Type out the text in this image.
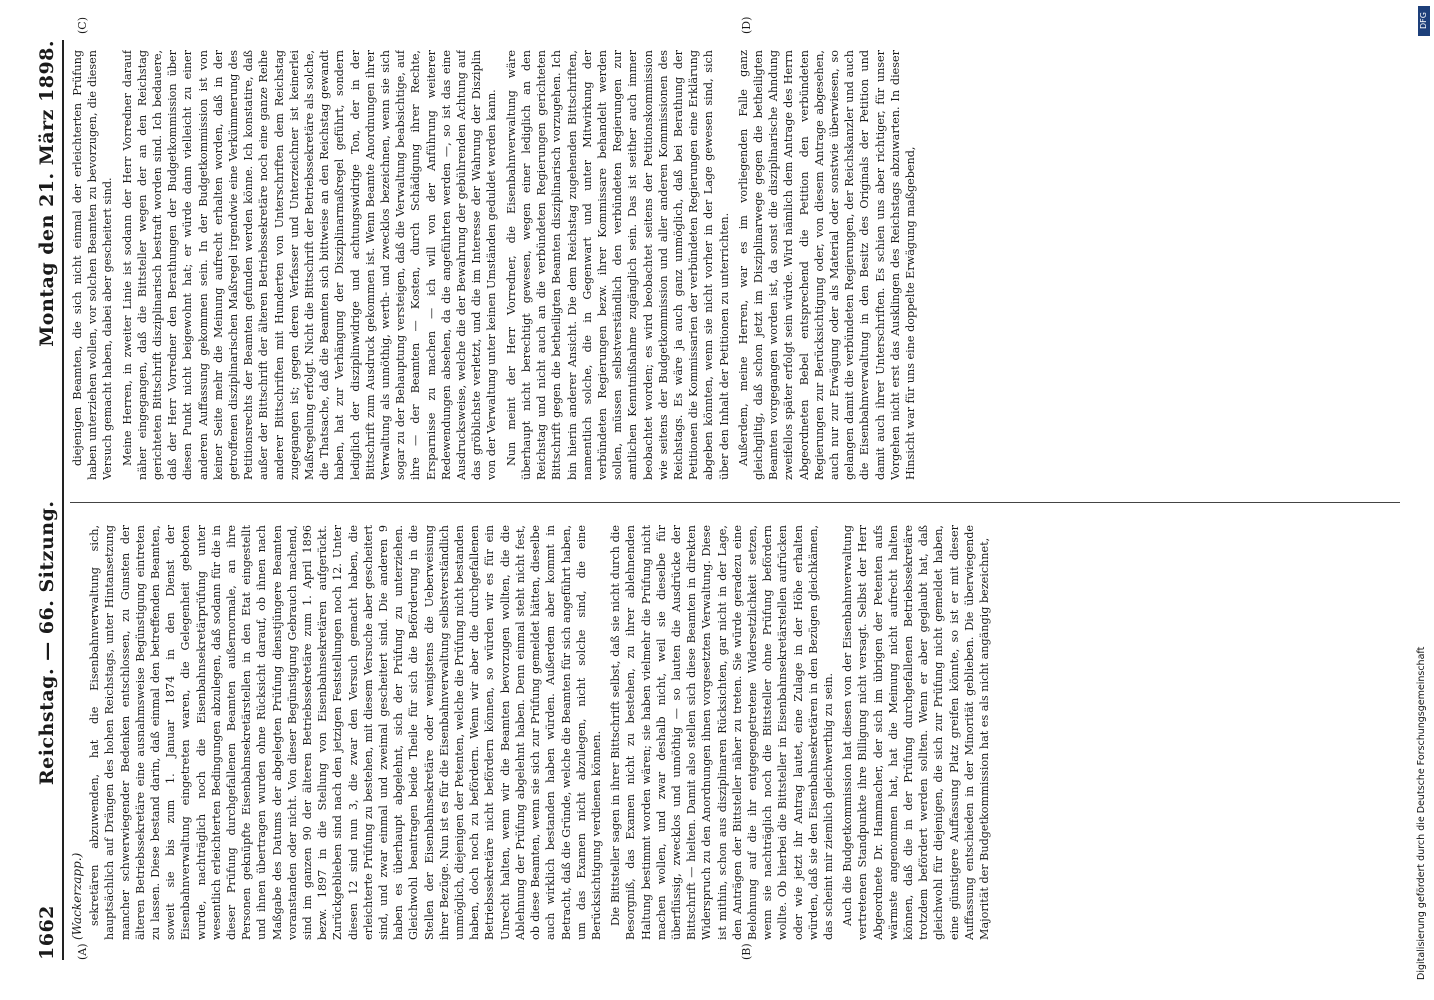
1662
Reichstag. — 66. Sitzung.
Montag den 21. März 1898.
(A)	(B)
(C)	(D)
(Wackerzapp.) sekretären abzuwenden, hat die Eisenbahnverwaltung sich, hauptsächlich auf Drängen des hohen Reichstags, unter Hintansetzung mancher schwerwiegender Bedenken entschlossen, zu Gunsten der älteren Betriebssekretäre eine ausnahmsweise Begünstigung eintreten zu lassen. Diese bestand darin, daß einmal den betreffenden Beamten, soweit sie bis zum 1. Januar 1874 in den Dienst der Eisenbahnverwaltung eingetreten waren, die Gelegenheit geboten wurde, nachträglich noch die Eisenbahnsekretärprüfung unter wesentlich erleichterten Bedingungen abzulegen, daß sodann für die in dieser Prüfung durchgefallenen Beamten außernormale, an ihre Personen geknüpfte Eisenbahnsekretärstellen in den Etat eingestellt und ihnen übertragen wurden ohne Rücksicht darauf, ob ihnen nach Maßgabe des Datums der abgelegten Prüfung dienstjüngere Beamten voranstanden oder nicht. Von dieser Begünstigung Gebrauch machend, sind im ganzen 90 der älteren Betriebssekretäre zum 1. April 1896 bezw. 1897 in die Stellung von Eisenbahnsekretären aufgerückt. Zurückgeblieben sind nach den jetzigen Feststellungen noch 12. Unter diesen 12 sind nun 3, die zwar den Versuch gemacht haben, die erleichterte Prüfung zu bestehen, mit diesem Versuche aber gescheitert sind, und zwar einmal und zweimal gescheitert sind. Die anderen 9 haben es überhaupt abgelehnt, sich der Prüfung zu unterziehen. Gleichwohl beantragen beide Theile für sich die Beförderung in die Stellen der Eisenbahnsekretäre oder wenigstens die Ueberweisung ihrer Bezüge. Nun ist es für die Eisenbahnverwaltung selbstverständlich unmöglich, diejenigen der Petenten, welche die Prüfung nicht bestanden haben, doch noch zu befördern. Wenn wir aber die durchgefallenen Betriebssekretäre nicht befördern können, so würden wir es für ein Unrecht halten, wenn wir die Beamten bevorzugen wollten, die die Ablehnung der Prüfung abgelehnt haben. Denn einmal steht nicht fest, ob diese Beamten, wenn sie sich zur Prüfung gemeldet hätten, dieselbe auch wirklich bestanden haben würden. Außerdem aber kommt in Betracht, daß die Gründe, welche die Beamten für sich angeführt haben, um das Examen nicht abzulegen, nicht solche sind, die eine Berücksichtigung verdienen können. Die Bittsteller sagen in ihrer Bittschrift selbst, daß sie nicht durch die Besorgniß, das Examen nicht zu bestehen, zu ihrer ablehnenden Haltung bestimmt worden wären; sie haben vielmehr die Prüfung nicht machen wollen, und zwar deshalb nicht, weil sie dieselbe für überflüssig, zwecklos und unnöthig — so lauten die Ausdrücke der Bittschrift — hielten. Damit also stellen sich diese Beamten in direkten Widerspruch zu den Anordnungen ihnen vorgesetzten Verwaltung. Diese ist mithin, schon aus disziplinaren Rücksichten, gar nicht in der Lage, den Anträgen der Bittsteller näher zu treten. Sie würde geradezu eine Belohnung auf die ihr entgegengetretene Widersetzlichkeit setzen, wenn sie nachträglich noch die Bittsteller ohne Prüfung befördern wollte. Ob hierbei die Bittsteller in Eisenbahnsekretärstellen aufrücken oder wie jetzt ihr Antrag lautet, eine Zulage in der Höhe erhalten würden, daß sie den Eisenbahnsekretären in den Bezügen gleichkämen, das scheint mir ziemlich gleichwerthig zu sein. Auch die Budgetkommission hat diesen von der Eisenbahnverwaltung vertretenen Standpunkte ihre Billigung nicht versagt. Selbst der Herr Abgeordnete Dr. Hammacher, der sich im übrigen der Petenten aufs wärmste angenommen hat, hat die Meinung nicht aufrecht halten können, daß die in der Prüfung durchgefallenen Betriebssekretäre trotzdem befördert werden sollten. Wenn er aber geglaubt hat, daß gleichwohl für diejenigen, die sich zur Prüfung nicht gemeldet haben, eine günstigere Auffassung Platz greifen könnte, so ist er mit dieser Auffassung entschieden in der Minorität geblieben. Die überwiegende Majorität der Budgetkommission hat es als nicht angängig bezeichnet,

diejenigen Beamten, die sich nicht einmal der erleichterten Prüfung haben unterziehen wollen, vor solchen Beamten zu bevorzugen, die diesen Versuch gemacht haben, dabei aber gescheitert sind. Meine Herren, in zweiter Linie ist sodann der Herr Vorredner darauf näher eingegangen, daß die Bittsteller wegen der an den Reichstag gerichteten Bittschrift disziplinarisch bestraft worden sind. Ich bedauere, daß der Herr Vorredner den Berathungen der Budgetkommission über diesen Punkt nicht beigewohnt hat; er würde dann vielleicht zu einer anderen Auffassung gekommen sein. In der Budgetkommission ist von keiner Seite mehr die Meinung aufrecht erhalten worden, daß in der getroffenen disziplinarischen Maßregel irgendwie eine Verkümmerung des Petitionsrechts der Beamten gefunden werden könne. Ich konstatire, daß außer der Bittschrift der älteren Betriebssekretäre noch eine ganze Reihe anderer Bittschriften mit Hunderten von Unterschriften dem Reichstag zugegangen ist; gegen deren Verfasser und Unterzeichner ist keinerlei Maßregelung erfolgt. Nicht die Bittschrift der Betriebssekretäre als solche, die Thatsache, daß die Beamten sich bittweise an den Reichstag gewandt haben, hat zur Verhängung der Disziplinarmaßregel geführt, sondern lediglich der disziplinwidrige und achtungswidrige Ton, der in der Bittschrift zum Ausdruck gekommen ist. Wenn Beamte Anordnungen ihrer Verwaltung als unnöthig, werth- und zwecklos bezeichnen, wenn sie sich sogar zu der Behauptung versteigen, daß die Verwaltung beabsichtige, auf ihre — der Beamten — Kosten, durch Schädigung ihrer Rechte, Ersparnisse zu machen — ich will von der Anführung weiterer Redewendungen absehen, da die angeführten werden —, so ist das eine Ausdrucksweise, welche die der Bewahrung der gebührenden Achtung auf das gröblichste verletzt, und die im Interesse der Wahrung der Disziplin von der Verwaltung unter keinen Umständen geduldet werden kann. Nun meint der Herr Vorredner, die Eisenbahnverwaltung wäre überhaupt nicht berechtigt gewesen, wegen einer lediglich an den Reichstag und nicht auch an die verbündeten Regierungen gerichteten Bittschrift gegen die betheiligten Beamten disziplinarisch vorzugehen. Ich bin hierin anderer Ansicht. Die dem Reichstag zugehenden Bittschriften, namentlich solche, die in Gegenwart und unter Mitwirkung der verbündeten Regierungen bezw. ihrer Kommissare behandelt werden sollen, müssen selbstverständlich den verbündeten Regierungen zur amtlichen Kenntnißnahme zugänglich sein. Das ist seither auch immer beobachtet worden; es wird beobachtet seitens der Petitionskommission wie seitens der Budgetkommission und aller anderen Kommissionen des Reichstags. Es wäre ja auch ganz unmöglich, daß bei Berathung der Petitionen die Kommissarien der verbündeten Regierungen eine Erklärung abgeben könnten, wenn sie nicht vorher in der Lage gewesen sind, sich über den Inhalt der Petitionen zu unterrichten. Außerdem, meine Herren, war es im vorliegenden Falle ganz gleichgiltig, daß schon jetzt im Disziplinarwege gegen die betheiligten Beamten vorgegangen worden ist, da sonst die disziplinarische Ahndung zweifellos später erfolgt sein würde. Wird nämlich dem Antrage des Herrn Abgeordneten Bebel entsprechend die Petition den verbündeten Regierungen zur Berücksichtigung oder, von diesem Antrage abgesehen, auch nur zur Erwägung oder als Material oder sonstwie überwiesen, so gelangen damit die verbündeten Regierungen, der Reichskanzler und auch die Eisenbahnverwaltung in den Besitz des Originals der Petition und damit auch ihrer Unterschriften. Es schien uns aber richtiger, für unser Vorgehen nicht erst das Ausklingen des Reichstags abzuwarten. In dieser Hinsicht war für uns eine doppelte Erwägung maßgebend,

DFG
Digitalisierung gefördert durch die Deutsche Forschungsgemeinschaft
